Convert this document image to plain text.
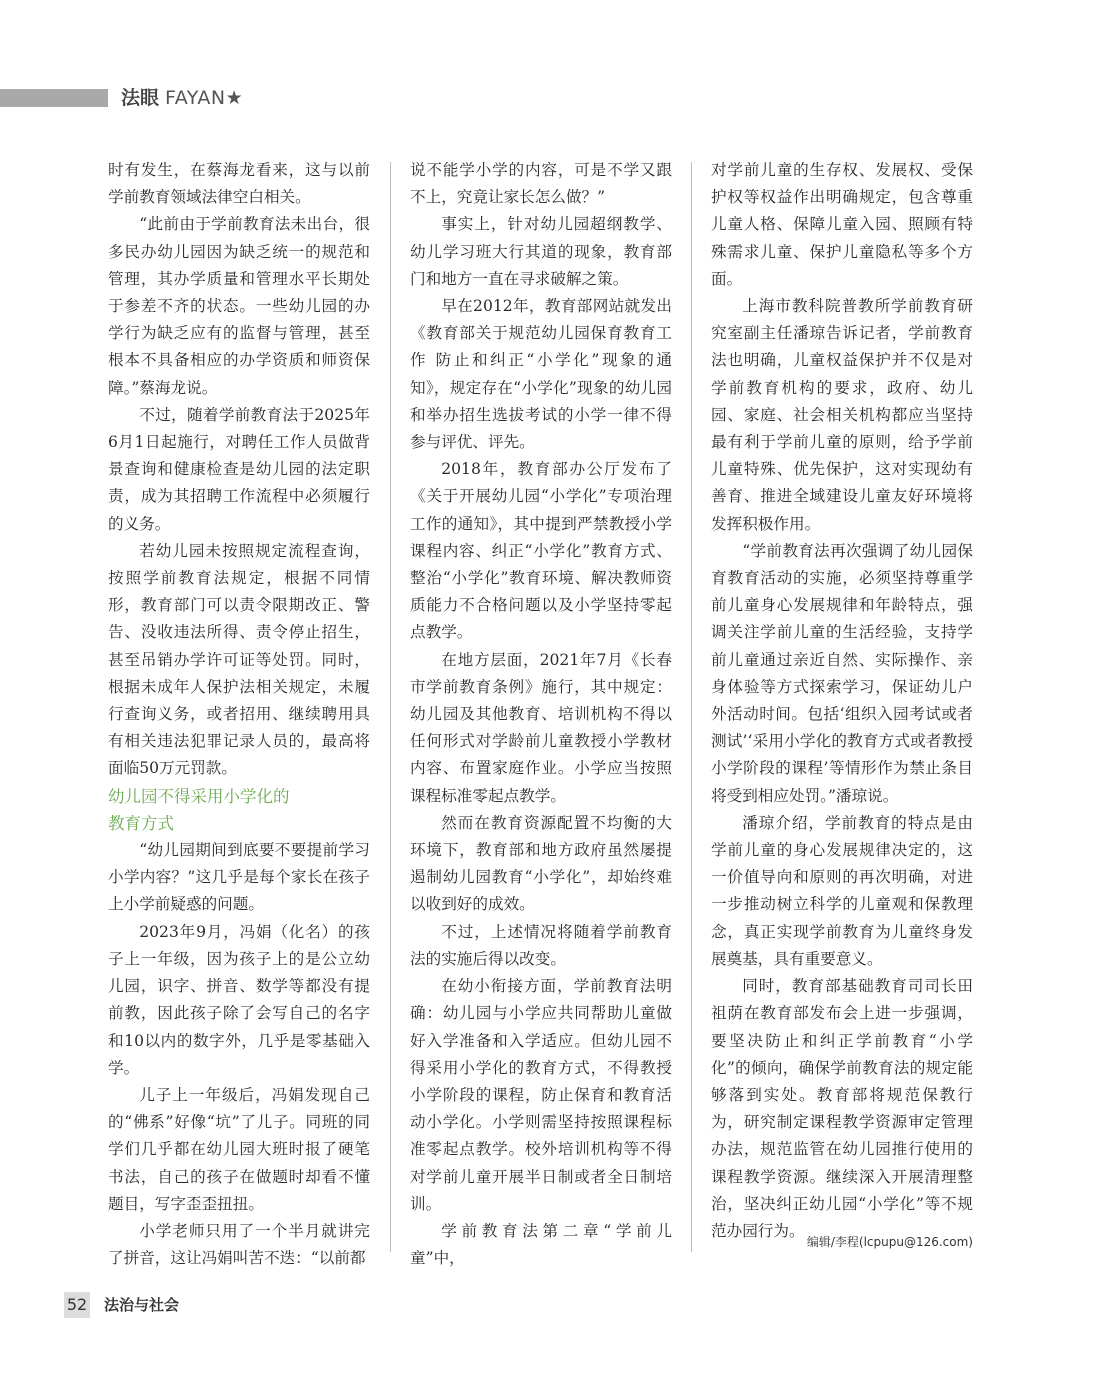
法眼 FAYAN★

时有发生，在蔡海龙看来，这与以前学前教育领域法律空白相关。

“此前由于学前教育法未出台，很多民办幼儿园因为缺乏统一的规范和管理，其办学质量和管理水平长期处于参差不齐的状态。一些幼儿园的办学行为缺乏应有的监督与管理，甚至根本不具备相应的办学资质和师资保障。”蔡海龙说。

不过，随着学前教育法于2025年6月1日起施行，对聘任工作人员做背景查询和健康检查是幼儿园的法定职责，成为其招聘工作流程中必须履行的义务。

若幼儿园未按照规定流程查询，按照学前教育法规定，根据不同情形，教育部门可以责令限期改正、警告、没收违法所得、责令停止招生，甚至吊销办学许可证等处罚。同时，根据未成年人保护法相关规定，未履行查询义务，或者招用、继续聘用具有相关违法犯罪记录人员的，最高将面临50万元罚款。

幼儿园不得采用小学化的
教育方式

“幼儿园期间到底要不要提前学习小学内容？”这几乎是每个家长在孩子上小学前疑惑的问题。

2023年9月，冯娟（化名）的孩子上一年级，因为孩子上的是公立幼儿园，识字、拼音、数学等都没有提前教，因此孩子除了会写自己的名字和10以内的数字外，几乎是零基础入学。

儿子上一年级后，冯娟发现自己的“佛系”好像“坑”了儿子。同班的同学们几乎都在幼儿园大班时报了硬笔书法，自己的孩子在做题时却看不懂题目，写字歪歪扭扭。

小学老师只用了一个半月就讲完了拼音，这让冯娟叫苦不迭：“以前都

说不能学小学的内容，可是不学又跟不上，究竟让家长怎么做？”

事实上，针对幼儿园超纲教学、幼儿学习班大行其道的现象，教育部门和地方一直在寻求破解之策。

早在2012年，教育部网站就发出《教育部关于规范幼儿园保育教育工作 防止和纠正“小学化”现象的通知》，规定存在“小学化”现象的幼儿园和举办招生选拔考试的小学一律不得参与评优、评先。

2018年，教育部办公厅发布了《关于开展幼儿园“小学化”专项治理工作的通知》，其中提到严禁教授小学课程内容、纠正“小学化”教育方式、整治“小学化”教育环境、解决教师资质能力不合格问题以及小学坚持零起点教学。

在地方层面，2021年7月《长春市学前教育条例》施行，其中规定：幼儿园及其他教育、培训机构不得以任何形式对学龄前儿童教授小学教材内容、布置家庭作业。小学应当按照课程标准零起点教学。

然而在教育资源配置不均衡的大环境下，教育部和地方政府虽然屡提遏制幼儿园教育“小学化”，却始终难以收到好的成效。

不过，上述情况将随着学前教育法的实施后得以改变。

在幼小衔接方面，学前教育法明确：幼儿园与小学应共同帮助儿童做好入学准备和入学适应。但幼儿园不得采用小学化的教育方式，不得教授小学阶段的课程，防止保育和教育活动小学化。小学则需坚持按照课程标准零起点教学。校外培训机构等不得对学前儿童开展半日制或者全日制培训。

学前教育法第二章“学前儿童”中，

对学前儿童的生存权、发展权、受保护权等权益作出明确规定，包含尊重儿童人格、保障儿童入园、照顾有特殊需求儿童、保护儿童隐私等多个方面。

上海市教科院普教所学前教育研究室副主任潘琼告诉记者，学前教育法也明确，儿童权益保护并不仅是对学前教育机构的要求，政府、幼儿园、家庭、社会相关机构都应当坚持最有利于学前儿童的原则，给予学前儿童特殊、优先保护，这对实现幼有善育、推进全域建设儿童友好环境将发挥积极作用。

“学前教育法再次强调了幼儿园保育教育活动的实施，必须坚持尊重学前儿童身心发展规律和年龄特点，强调关注学前儿童的生活经验，支持学前儿童通过亲近自然、实际操作、亲身体验等方式探索学习，保证幼儿户外活动时间。包括‘组织入园考试或者测试’‘采用小学化的教育方式或者教授小学阶段的课程’等情形作为禁止条目将受到相应处罚。”潘琼说。

潘琼介绍，学前教育的特点是由学前儿童的身心发展规律决定的，这一价值导向和原则的再次明确，对进一步推动树立科学的儿童观和保教理念，真正实现学前教育为儿童终身发展奠基，具有重要意义。

同时，教育部基础教育司司长田祖荫在教育部发布会上进一步强调，要坚决防止和纠正学前教育“小学化”的倾向，确保学前教育法的规定能够落到实处。教育部将规范保教行为，研究制定课程教学资源审定管理办法，规范监管在幼儿园推行使用的课程教学资源。继续深入开展清理整治，坚决纠正幼儿园“小学化”等不规范办园行为。

编辑/李程(lcpupu@126.com)
52 法治与社会
